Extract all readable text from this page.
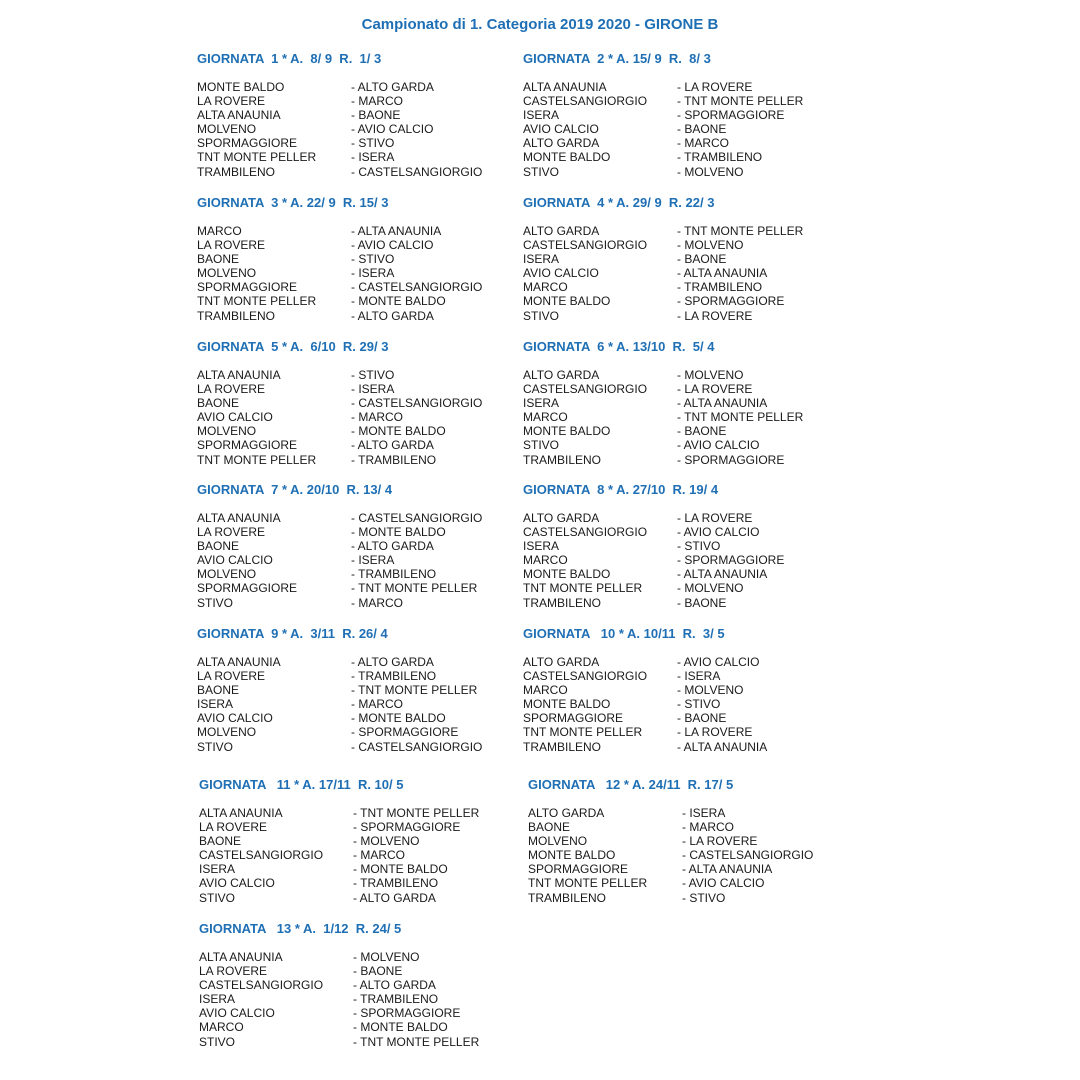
Campionato di 1. Categoria 2019 2020 - GIRONE B
GIORNATA  1 * A.  8/ 9  R.  1/ 3
MONTE BALDO	- ALTO GARDA
LA ROVERE	- MARCO
ALTA ANAUNIA	- BAONE
MOLVENO	- AVIO CALCIO
SPORMAGGIORE	- STIVO
TNT MONTE PELLER	- ISERA
TRAMBILENO	- CASTELSANGIORGIO
GIORNATA  2 * A. 15/ 9  R.  8/ 3
ALTA ANAUNIA	- LA ROVERE
CASTELSANGIORGIO - TNT MONTE PELLER
ISERA	- SPORMAGGIORE
AVIO CALCIO	- BAONE
ALTO GARDA	- MARCO
MONTE BALDO	- TRAMBILENO
STIVO	- MOLVENO
GIORNATA  3 * A. 22/ 9  R. 15/ 3
MARCO	- ALTA ANAUNIA
LA ROVERE	- AVIO CALCIO
BAONE	- STIVO
MOLVENO	- ISERA
SPORMAGGIORE	- CASTELSANGIORGIO
TNT MONTE PELLER	- MONTE BALDO
TRAMBILENO	- ALTO GARDA
GIORNATA  4 * A. 29/ 9  R. 22/ 3
ALTO GARDA	- TNT MONTE PELLER
CASTELSANGIORGIO - MOLVENO
ISERA	- BAONE
AVIO CALCIO	- ALTA ANAUNIA
MARCO	- TRAMBILENO
MONTE BALDO	- SPORMAGGIORE
STIVO	- LA ROVERE
GIORNATA  5 * A.  6/10  R. 29/ 3
ALTA ANAUNIA	- STIVO
LA ROVERE	- ISERA
BAONE	- CASTELSANGIORGIO
AVIO CALCIO	- MARCO
MOLVENO	- MONTE BALDO
SPORMAGGIORE	- ALTO GARDA
TNT MONTE PELLER	- TRAMBILENO
GIORNATA  6 * A. 13/10  R.  5/ 4
ALTO GARDA	- MOLVENO
CASTELSANGIORGIO - LA ROVERE
ISERA	- ALTA ANAUNIA
MARCO	- TNT MONTE PELLER
MONTE BALDO	- BAONE
STIVO	- AVIO CALCIO
TRAMBILENO	- SPORMAGGIORE
GIORNATA  7 * A. 20/10  R. 13/ 4
ALTA ANAUNIA	- CASTELSANGIORGIO
LA ROVERE	- MONTE BALDO
BAONE	- ALTO GARDA
AVIO CALCIO	- ISERA
MOLVENO	- TRAMBILENO
SPORMAGGIORE	- TNT MONTE PELLER
STIVO	- MARCO
GIORNATA  8 * A. 27/10  R. 19/ 4
ALTO GARDA	- LA ROVERE
CASTELSANGIORGIO - AVIO CALCIO
ISERA	- STIVO
MARCO	- SPORMAGGIORE
MONTE BALDO	- ALTA ANAUNIA
TNT MONTE PELLER	- MOLVENO
TRAMBILENO	- BAONE
GIORNATA  9 * A.  3/11  R. 26/ 4
ALTA ANAUNIA	- ALTO GARDA
LA ROVERE	- TRAMBILENO
BAONE	- TNT MONTE PELLER
ISERA	- MARCO
AVIO CALCIO	- MONTE BALDO
MOLVENO	- SPORMAGGIORE
STIVO	- CASTELSANGIORGIO
GIORNATA   10 * A. 10/11  R.  3/ 5
ALTO GARDA	- AVIO CALCIO
CASTELSANGIORGIO - ISERA
MARCO	- MOLVENO
MONTE BALDO	- STIVO
SPORMAGGIORE	- BAONE
TNT MONTE PELLER	- LA ROVERE
TRAMBILENO	- ALTA ANAUNIA
GIORNATA   11 * A. 17/11  R. 10/ 5
ALTA ANAUNIA	- TNT MONTE PELLER
LA ROVERE	- SPORMAGGIORE
BAONE	- MOLVENO
CASTELSANGIORGIO - MARCO
ISERA	- MONTE BALDO
AVIO CALCIO	- TRAMBILENO
STIVO	- ALTO GARDA
GIORNATA   12 * A. 24/11  R. 17/ 5
ALTO GARDA	- ISERA
BAONE	- MARCO
MOLVENO	- LA ROVERE
MONTE BALDO	- CASTELSANGIORGIO
SPORMAGGIORE	- ALTA ANAUNIA
TNT MONTE PELLER	- AVIO CALCIO
TRAMBILENO	- STIVO
GIORNATA   13 * A.  1/12  R. 24/ 5
ALTA ANAUNIA	- MOLVENO
LA ROVERE	- BAONE
CASTELSANGIORGIO - ALTO GARDA
ISERA	- TRAMBILENO
AVIO CALCIO	- SPORMAGGIORE
MARCO	- MONTE BALDO
STIVO	- TNT MONTE PELLER
